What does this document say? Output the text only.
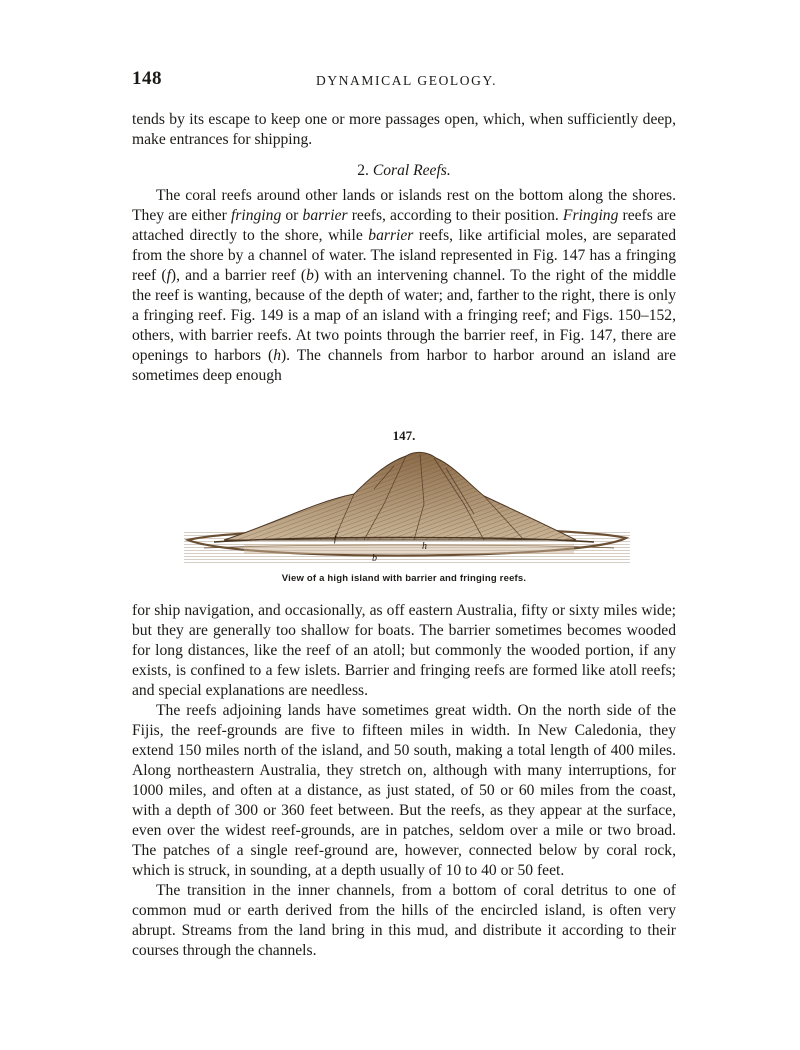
148	DYNAMICAL GEOLOGY.

tends by its escape to keep one or more passages open, which, when sufficiently deep, make entrances for shipping.

2. Coral Reefs.

The coral reefs around other lands or islands rest on the bottom along the shores. They are either fringing or barrier reefs, according to their position. Fringing reefs are attached directly to the shore, while barrier reefs, like artificial moles, are separated from the shore by a channel of water. The island represented in Fig. 147 has a fringing reef (f), and a barrier reef (b) with an intervening channel. To the right of the middle the reef is wanting, because of the depth of water; and, farther to the right, there is only a fringing reef. Fig. 149 is a map of an island with a fringing reef; and Figs. 150–152, others, with barrier reefs. At two points through the barrier reef, in Fig. 147, there are openings to harbors (h). The channels from harbor to harbor around an island are sometimes deep enough

147.
f
b
h
View of a high island with barrier and fringing reefs.

for ship navigation, and occasionally, as off eastern Australia, fifty or sixty miles wide; but they are generally too shallow for boats. The barrier sometimes becomes wooded for long distances, like the reef of an atoll; but commonly the wooded portion, if any exists, is confined to a few islets. Barrier and fringing reefs are formed like atoll reefs; and special explanations are needless.

The reefs adjoining lands have sometimes great width. On the north side of the Fijis, the reef-grounds are five to fifteen miles in width. In New Caledonia, they extend 150 miles north of the island, and 50 south, making a total length of 400 miles. Along northeastern Australia, they stretch on, although with many interruptions, for 1000 miles, and often at a distance, as just stated, of 50 or 60 miles from the coast, with a depth of 300 or 360 feet between. But the reefs, as they appear at the surface, even over the widest reef-grounds, are in patches, seldom over a mile or two broad. The patches of a single reef-ground are, however, connected below by coral rock, which is struck, in sounding, at a depth usually of 10 to 40 or 50 feet.

The transition in the inner channels, from a bottom of coral detritus to one of common mud or earth derived from the hills of the encircled island, is often very abrupt. Streams from the land bring in this mud, and distribute it according to their courses through the channels.
